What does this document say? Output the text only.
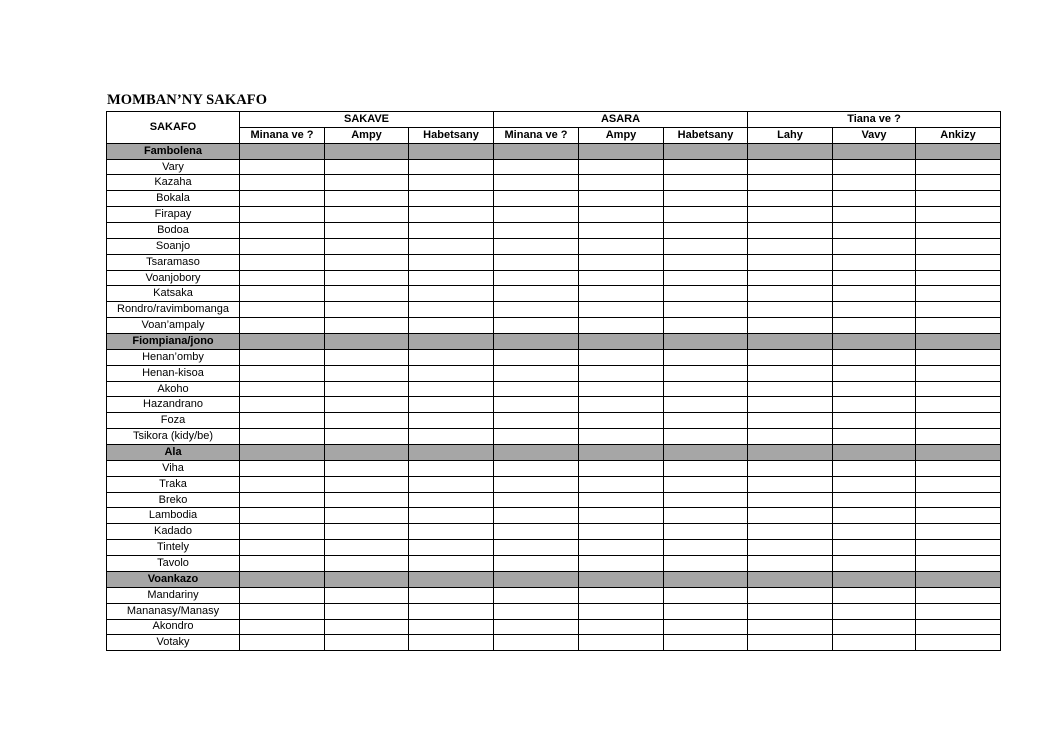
MOMBAN’NY SAKAFO
SAKAFO	SAKAVE			ASARA			Tiana ve ?		
	Minana ve ?	Ampy	Habetsany	Minana ve ?	Ampy	Habetsany	Lahy	Vavy	Ankizy
Fambolena									
Vary									
Kazaha									
Bokala									
Firapay									
Bodoa									
Soanjo									
Tsaramaso									
Voanjobory									
Katsaka									
Rondro/ravimbomanga									
Voan’ampaly									
Fiompiana/jono									
Henan’omby									
Henan-kisoa									
Akoho									
Hazandrano									
Foza									
Tsikora (kidy/be)									
Ala									
Viha									
Traka									
Breko									
Lambodia									
Kadado									
Tintely									
Tavolo									
Voankazo									
Mandariny									
Mananasy/Manasy									
Akondro									
Votaky									
